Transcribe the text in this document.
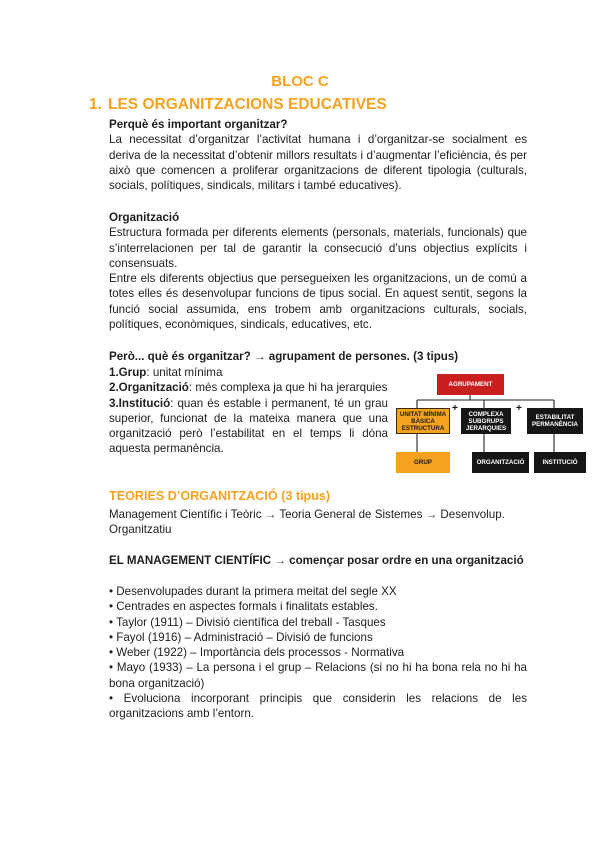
BLOC C
1. LES ORGANITZACIONS EDUCATIVES

Perquè és important organitzar?

La necessitat d’organitzar l’activitat humana i d’organitzar-se socialment es deriva de la necessitat d’obtenir millors resultats i d’augmentar l’eficiència, és per això que comencen a proliferar organitzacions de diferent tipologia (culturals, socials, polítiques, sindicals, militars i també educatives).

Organització

Estructura formada per diferents elements (personals, materials, funcionals) que s’interrelacionen per tal de garantir la consecució d’uns objectius explícits i consensuats.

Entre els diferents objectius que persegueixen les organitzacions, un de comú a totes elles és desenvolupar funcions de tipus social. En aquest sentit, segons la funció social assumida, ens trobem amb organitzacions culturals, socials, polítiques, econòmiques, sindicals, educatives, etc.

Però... què és organitzar? → agrupament de persones. (3 tipus)

1.Grup: unitat mínima

2.Organització: més complexa ja que hi ha jerarquies

3.Institució: quan és estable i permanent, té un grau superior, funcionat de la mateixa manera que una organització però l’estabilitat en el temps li dóna aquesta permanència.

AGRUPAMENT
UNITAT MÍNIMA BÀSICA ESTRUCTURA
+	COMPLEXA SUBGRUPS JERARQUIES
+
ESTABILITAT PERMANÈNCIA
GRUP	ORGANITZACIÓ	INSTITUCIÓ
TEORIES D’ORGANITZACIÓ (3 tipus)
Management Científic i Teòric → Teoria General de Sistemes → Desenvolup. Organitzatiu
EL MANAGEMENT CIENTÍFIC → començar posar ordre en una organització

• Desenvolupades durant la primera meitat del segle XX

• Centrades en aspectes formals i finalitats estables.

• Taylor (1911) – Divisió científica del treball - Tasques

• Fayol (1916) – Administració – Divisió de funcions

• Weber (1922) – Importància dels processos - Normativa

• Mayo (1933) – La persona i el grup – Relacions (si no hi ha bona rela no hi ha bona organització)

• Evoluciona incorporant principis que considerin les relacions de les organitzacions amb l’entorn.
